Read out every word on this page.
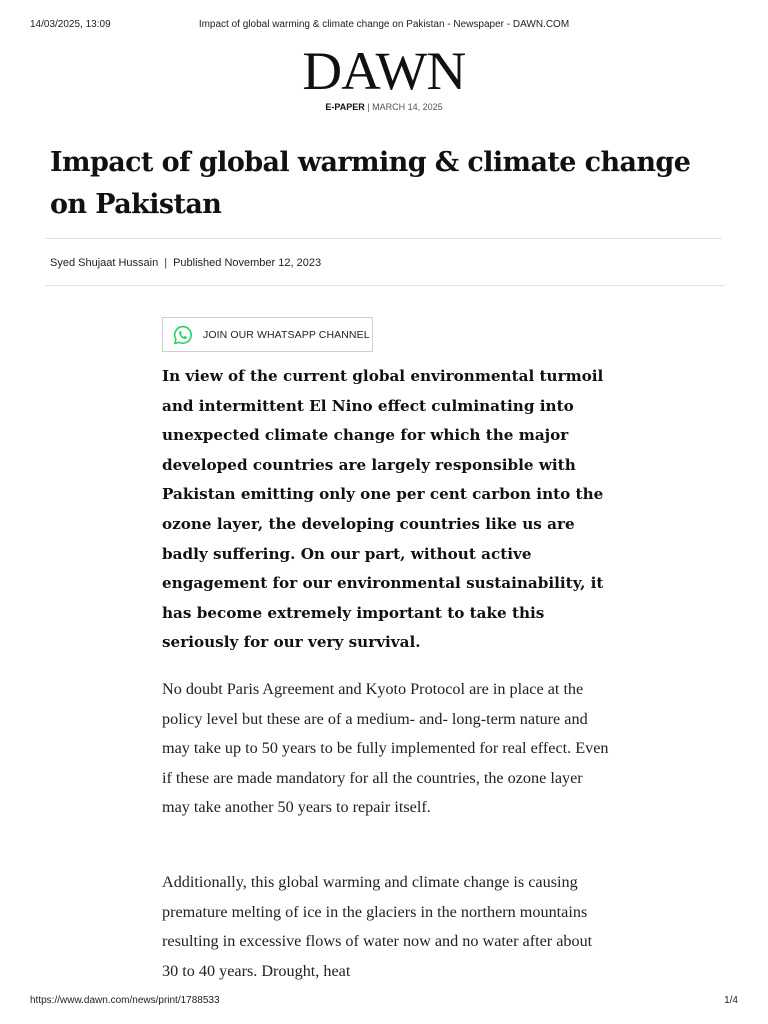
14/03/2025, 13:09	Impact of global warming & climate change on Pakistan - Newspaper - DAWN.COM
DAWN
E-PAPER | MARCH 14, 2025
Impact of global warming & climate change on Pakistan
Syed Shujaat Hussain | Published November 12, 2023
JOIN OUR WHATSAPP CHANNEL

In view of the current global environmental turmoil and intermittent El Nino effect culminating into unexpected climate change for which the major developed countries are largely responsible with Pakistan emitting only one per cent carbon into the ozone layer, the developing countries like us are badly suffering. On our part, without active engagement for our environmental sustainability, it has become extremely important to take this seriously for our very survival.

No doubt Paris Agreement and Kyoto Protocol are in place at the policy level but these are of a medium- and- long-term nature and may take up to 50 years to be fully implemented for real effect. Even if these are made mandatory for all the countries, the ozone layer may take another 50 years to repair itself.

Additionally, this global warming and climate change is causing premature melting of ice in the glaciers in the northern mountains resulting in excessive flows of water now and no water after about 30 to 40 years. Drought, heat

https://www.dawn.com/news/print/1788533	1/4
